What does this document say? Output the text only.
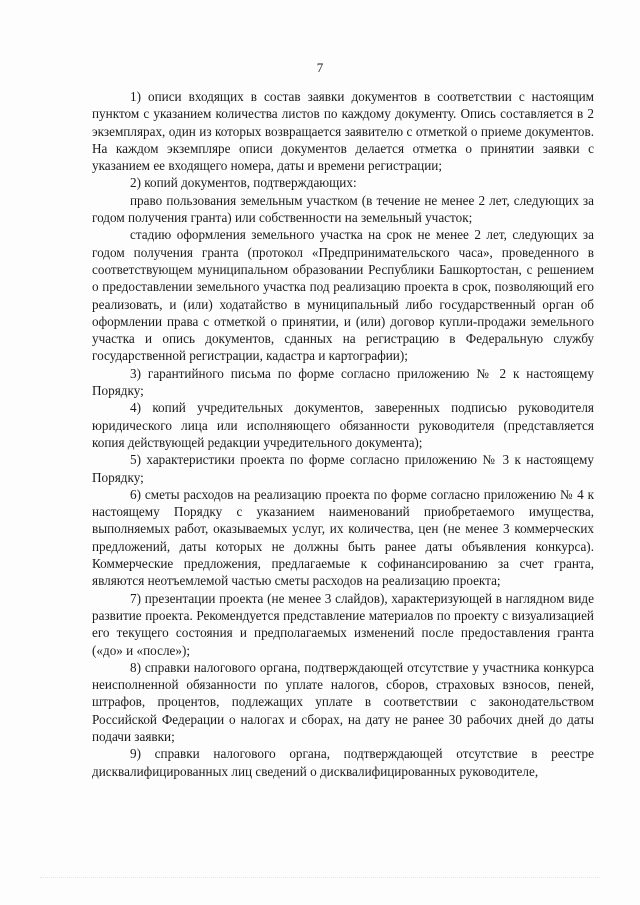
7

1) описи входящих в состав заявки документов в соответствии с настоящим пунктом с указанием количества листов по каждому документу. Опись составляется в 2 экземплярах, один из которых возвращается заявителю с отметкой о приеме документов. На каждом экземпляре описи документов делается отметка о принятии заявки с указанием ее входящего номера, даты и времени регистрации;

2) копий документов, подтверждающих:

право пользования земельным участком (в течение не менее 2 лет, следующих за годом получения гранта) или собственности на земельный участок;

стадию оформления земельного участка на срок не менее 2 лет, следующих за годом получения гранта (протокол «Предпринимательского часа», проведенного в соответствующем муниципальном образовании Республики Башкортостан, с решением о предоставлении земельного участка под реализацию проекта в срок, позволяющий его реализовать, и (или) ходатайство в муниципальный либо государственный орган об оформлении права с отметкой о принятии, и (или) договор купли-продажи земельного участка и опись документов, сданных на регистрацию в Федеральную службу государственной регистрации, кадастра и картографии);

3) гарантийного письма по форме согласно приложению № 2 к настоящему Порядку;

4) копий учредительных документов, заверенных подписью руководителя юридического лица или исполняющего обязанности руководителя (представляется копия действующей редакции учредительного документа);

5) характеристики проекта по форме согласно приложению № 3 к настоящему Порядку;

6) сметы расходов на реализацию проекта по форме согласно приложению № 4 к настоящему Порядку с указанием наименований приобретаемого имущества, выполняемых работ, оказываемых услуг, их количества, цен (не менее 3 коммерческих предложений, даты которых не должны быть ранее даты объявления конкурса). Коммерческие предложения, предлагаемые к софинансированию за счет гранта, являются неотъемлемой частью сметы расходов на реализацию проекта;

7) презентации проекта (не менее 3 слайдов), характеризующей в наглядном виде развитие проекта. Рекомендуется представление материалов по проекту с визуализацией его текущего состояния и предполагаемых изменений после предоставления гранта («до» и «после»);

8) справки налогового органа, подтверждающей отсутствие у участника конкурса неисполненной обязанности по уплате налогов, сборов, страховых взносов, пеней, штрафов, процентов, подлежащих уплате в соответствии с законодательством Российской Федерации о налогах и сборах, на дату не ранее 30 рабочих дней до даты подачи заявки;

9) справки налогового органа, подтверждающей отсутствие в реестре дисквалифицированных лиц сведений о дисквалифицированных руководителе,
